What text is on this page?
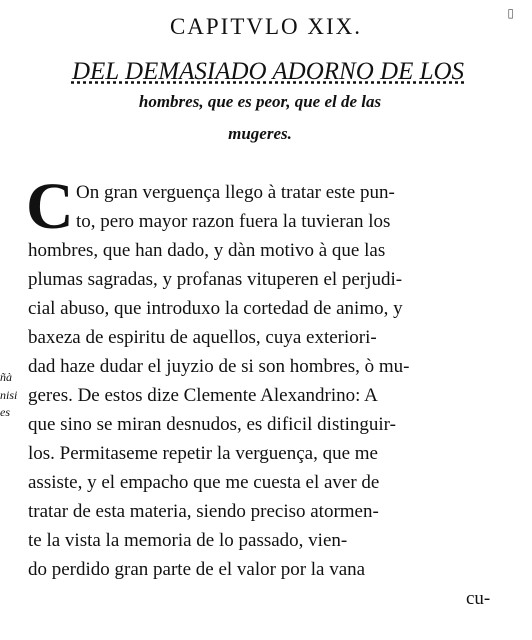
▯
CAPITVLO XIX.
DEL DEMASIADO ADORNO DE LOS
hombres, que es peor, que el de las
mugeres.
C On gran verguença llego à tratar este pun-
to, pero mayor razon fuera la tuvieran los
hombres, que han dado, y dàn motivo à que las
plumas sagradas, y profanas vituperen el perjudi-
cial abuso, que introduxo la cortedad de animo, y
baxeza de espiritu de aquellos, cuya exteriori-
dad haze dudar el juyzio de si son hombres, ò mu-
geres. De estos dize Clemente Alexandrino: A
que sino se miran desnudos, es dificil distinguir-
los. Permitaseme repetir la verguença, que me
assiste, y el empacho que me cuesta el aver de
tratar de esta materia, siendo preciso atormen-
te la vista la memoria de lo passado, vien-
do perdido gran parte de el valor por la vana
cu-
ñà
nisi
es
